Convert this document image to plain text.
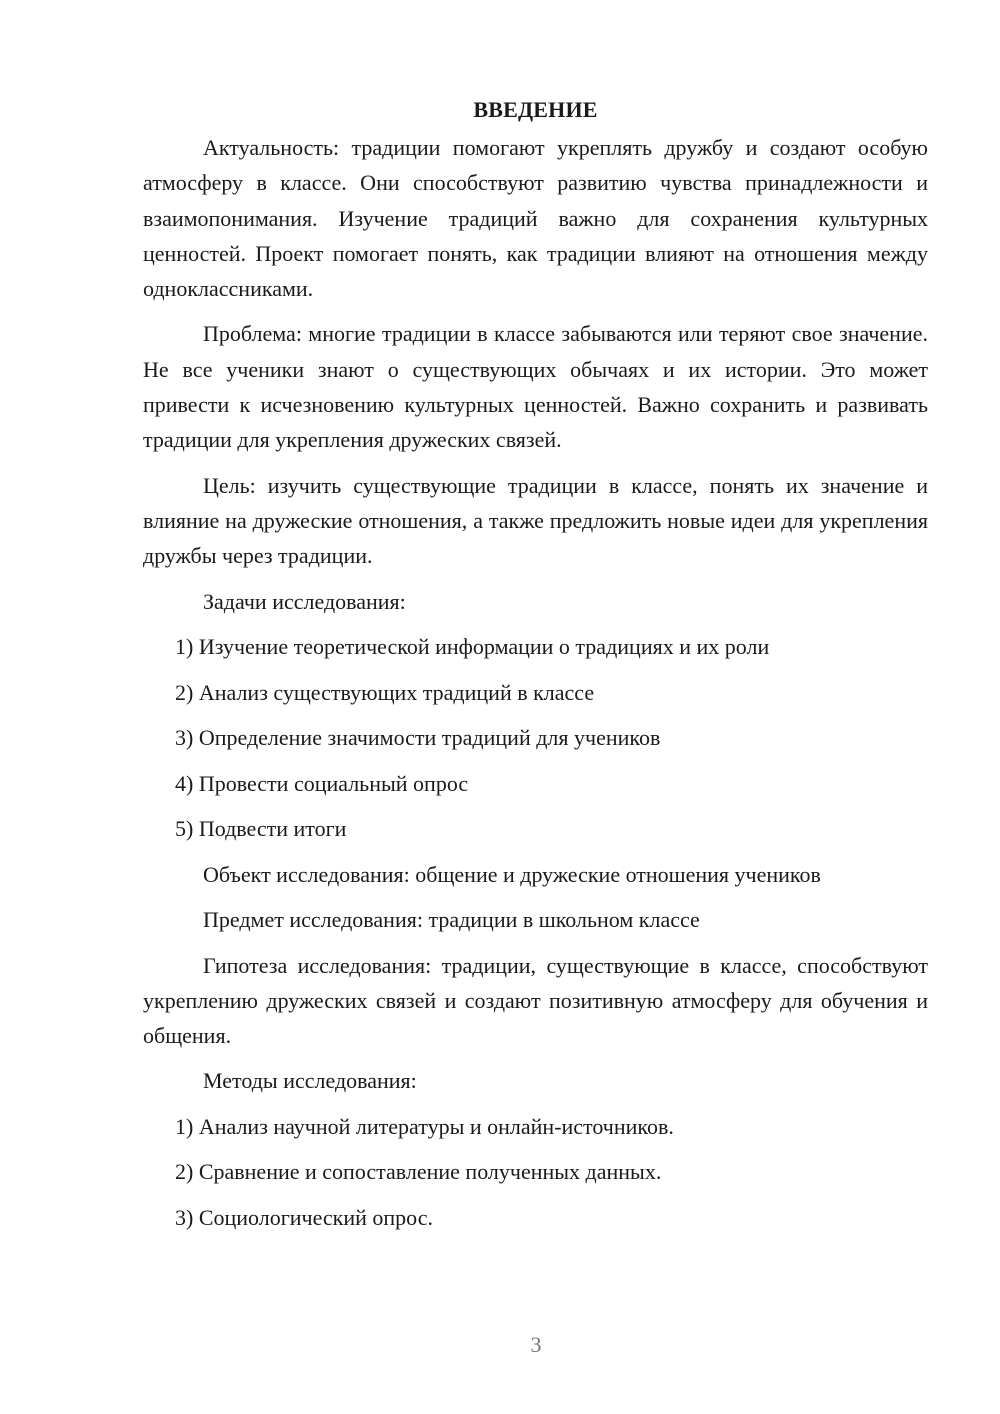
ВВЕДЕНИЕ

Актуальность: традиции помогают укреплять дружбу и создают особую атмосферу в классе. Они способствуют развитию чувства принадлежности и взаимопонимания. Изучение традиций важно для сохранения культурных ценностей. Проект помогает понять, как традиции влияют на отношения между одноклассниками.

Проблема: многие традиции в классе забываются или теряют свое значение. Не все ученики знают о существующих обычаях и их истории. Это может привести к исчезновению культурных ценностей. Важно сохранить и развивать традиции для укрепления дружеских связей.

Цель: изучить существующие традиции в классе, понять их значение и влияние на дружеские отношения, а также предложить новые идеи для укрепления дружбы через традиции.

Задачи исследования:
1) Изучение теоретической информации о традициях и их роли
2) Анализ существующих традиций в классе
3) Определение значимости традиций для учеников
4) Провести социальный опрос
5) Подвести итоги
Объект исследования: общение и дружеские отношения учеников
Предмет исследования: традиции в школьном классе

Гипотеза исследования: традиции, существующие в классе, способствуют укреплению дружеских связей и создают позитивную атмосферу для обучения и общения.

Методы исследования:
1) Анализ научной литературы и онлайн-источников.
2) Сравнение и сопоставление полученных данных.
3) Социологический опрос.
3
